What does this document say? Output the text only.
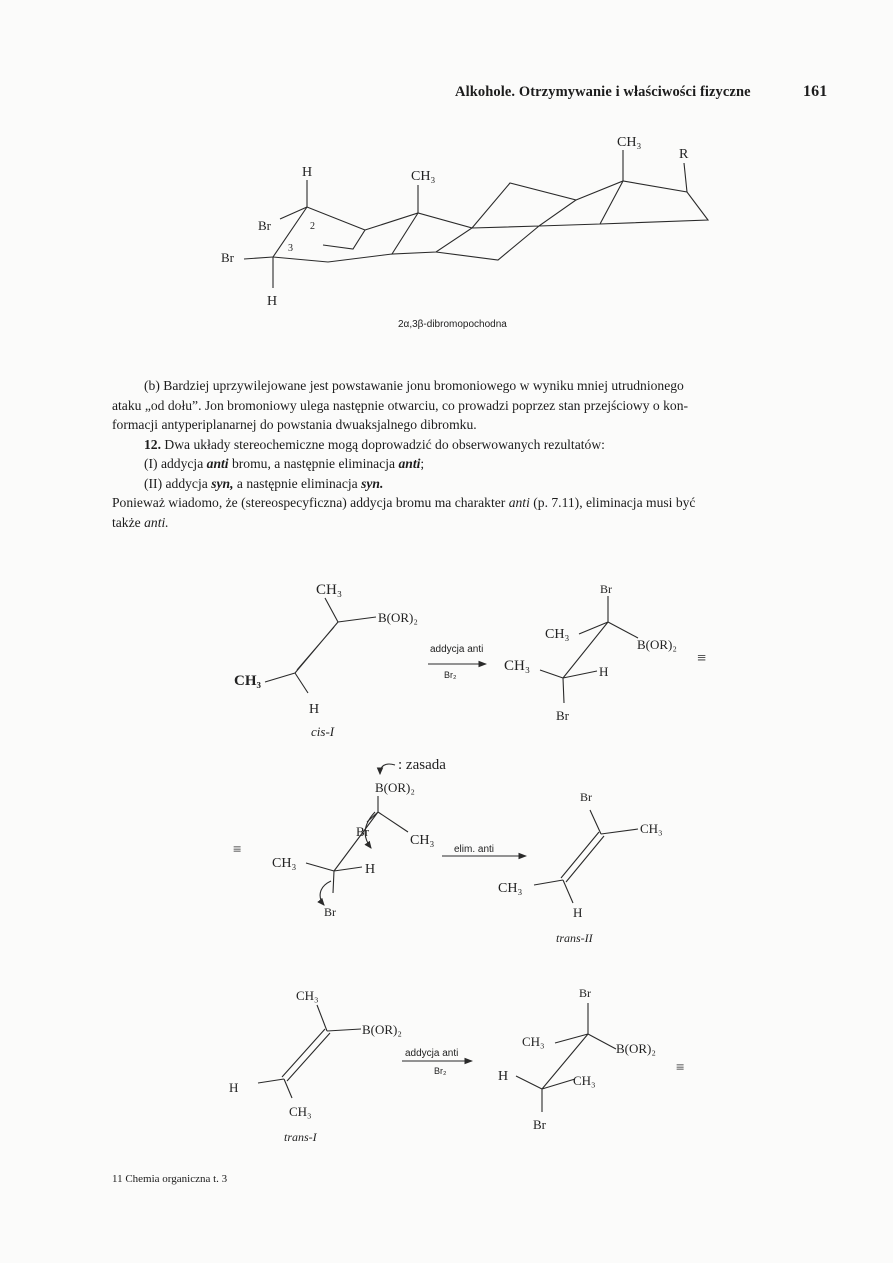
Alkohole. Otrzymywanie i właściwości fizyczne	161
CH₃
R
CH₃
H
Br	2
3
Br
H
2α,3β-dibromopochodna

(b) Bardziej uprzywilejowane jest powstawanie jonu bromoniowego w wyniku mniej utrudnionego

ataku „od dołu”. Jon bromoniowy ulega następnie otwarciu, co prowadzi poprzez stan przejściowy o kon-

formacji antyperiplanarnej do powstania dwuaksjalnego dibromku.

12. Dwa układy stereochemiczne mogą doprowadzić do obserwowanych rezultatów:

(I) addycja anti bromu, a następnie eliminacja anti;

(II) addycja syn, a następnie eliminacja syn.

Ponieważ wiadomo, że (stereospecyficzna) addycja bromu ma charakter anti (p. 7.11), eliminacja musi być

także anti.

CH₃
B(OR)₂
CH₃
H
cis-I
addycja anti
Br₂
Br
CH₃
B(OR)₂
CH₃	H
Br
≡
≡
: zasada
B(OR)₂
Br
CH₃
CH₃	H
Br
elim. anti
Br
CH₃
CH₃
H
trans-II
CH₃
B(OR)₂
H
CH₃
trans-I
addycja anti
Br₂
Br
CH₃	B(OR)₂
H	CH₃
Br
≡
11 Chemia organiczna t. 3
